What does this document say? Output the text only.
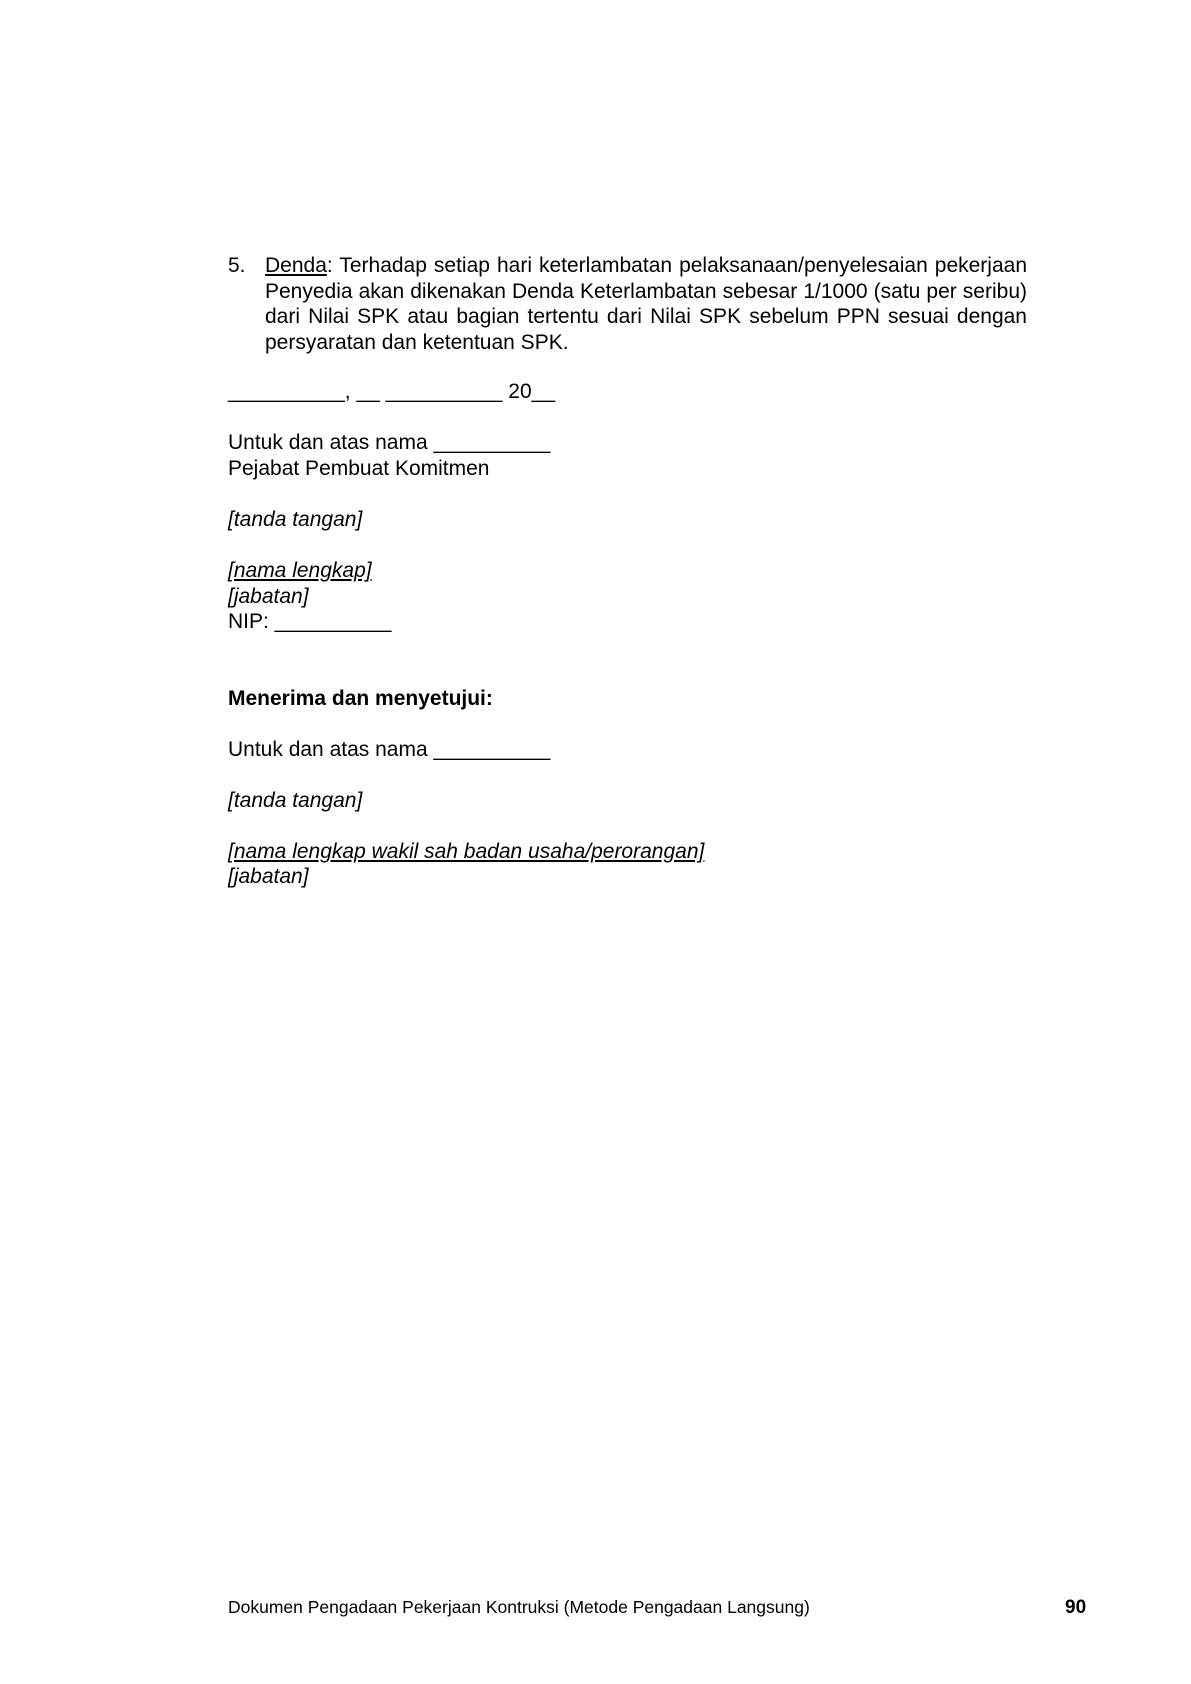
5. Denda: Terhadap setiap hari keterlambatan pelaksanaan/penyelesaian pekerjaan Penyedia akan dikenakan Denda Keterlambatan sebesar 1/1000 (satu per seribu) dari Nilai SPK atau bagian tertentu dari Nilai SPK sebelum PPN sesuai dengan persyaratan dan ketentuan SPK.
__________, __ __________ 20__
Untuk dan atas nama __________
Pejabat Pembuat Komitmen
[tanda tangan]
[nama lengkap]
[jabatan]
NIP: __________
Menerima dan menyetujui:
Untuk dan atas nama __________
[tanda tangan]
[nama lengkap wakil sah badan usaha/perorangan]
[jabatan]
Dokumen Pengadaan Pekerjaan Kontruksi (Metode Pengadaan Langsung)	90
